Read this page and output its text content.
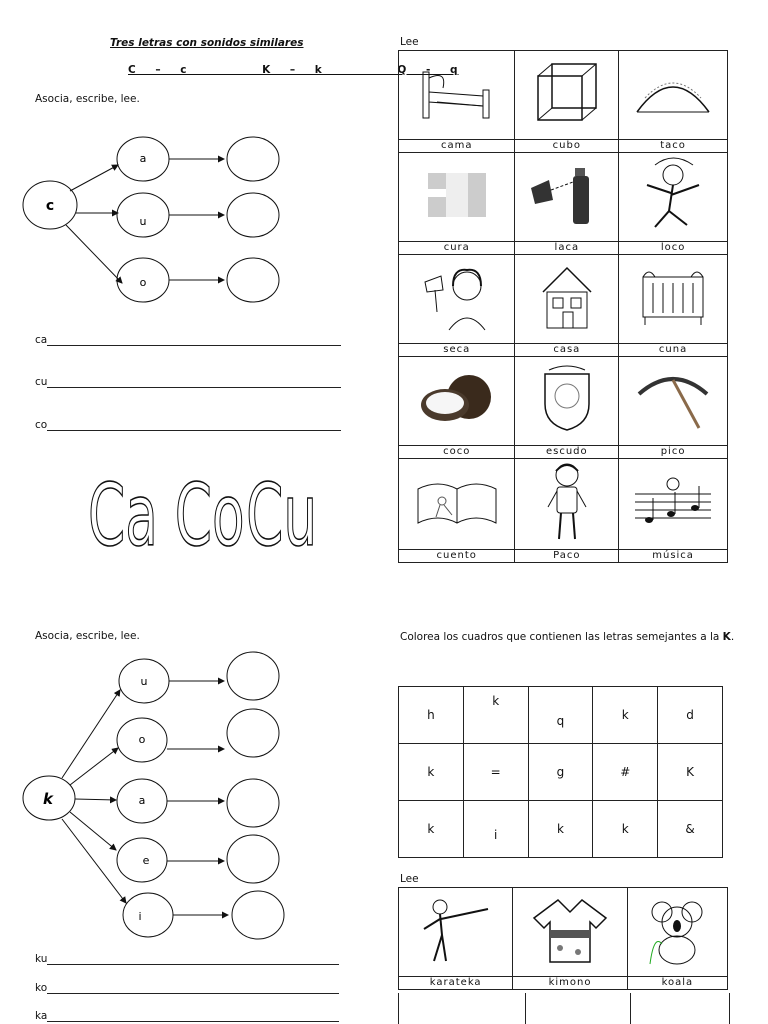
Tres letras con sonidos similares
C – c    K – k    Q - q
Asocia, escribe, lee.
c
a
u
o
ca
cu
co
Ca Co Cu
Lee

cama	cubo	taco

cura	laca	loco

seca	casa	cuna

coco	escudo	pico

cuento	Paco	música
Asocia, escribe, lee.
k
u
o
a
e
i
ku
ko
ka
Colorea los cuadros que contienen las letras semejantes a la K.
h	k	q	k	d
k	=	g	#	K
k	i	k	k	&
Lee

karateka	kimono	koala
